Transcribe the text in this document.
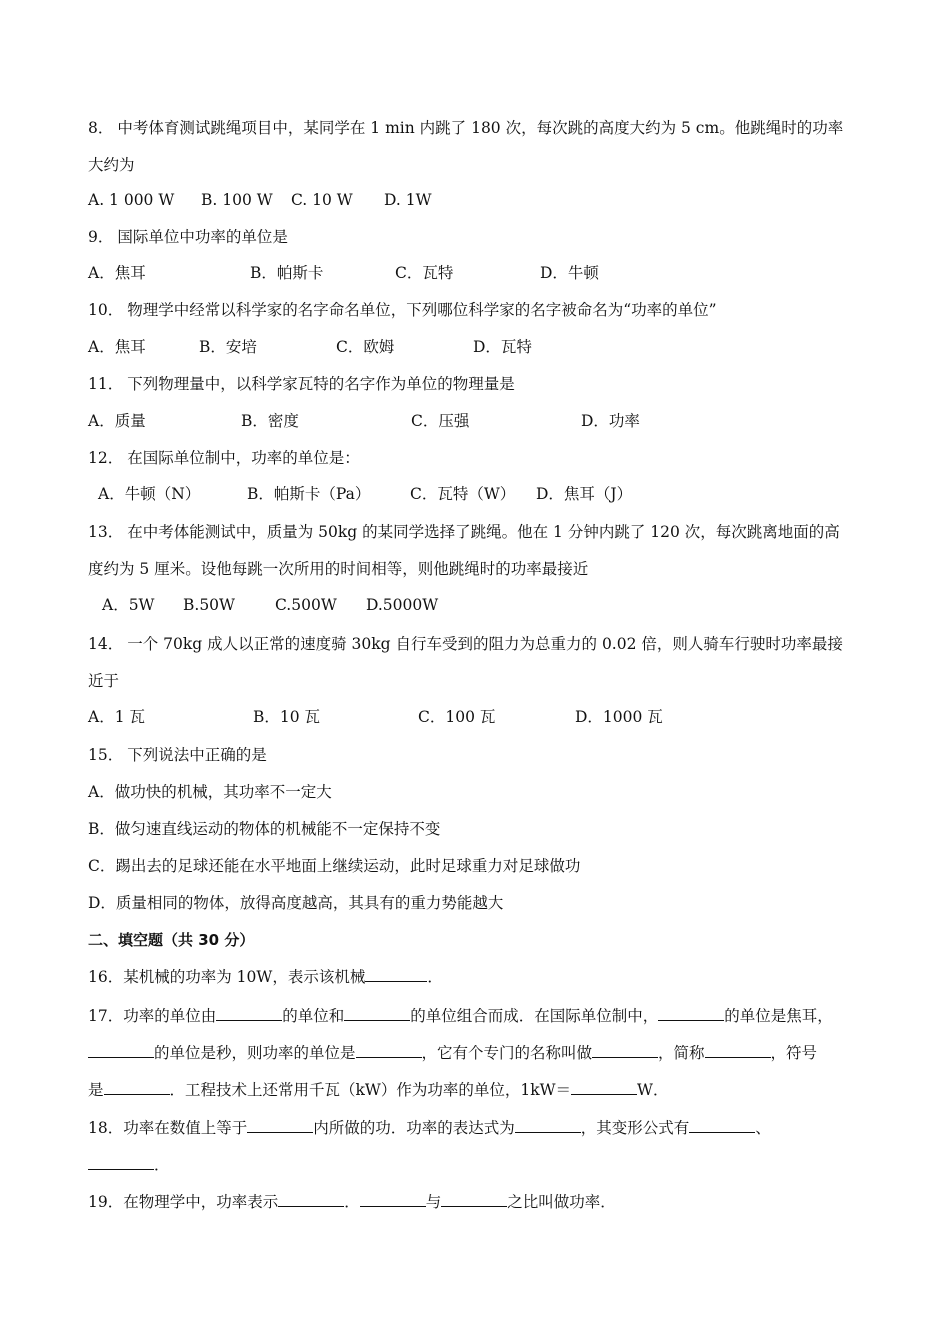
8． 中考体育测试跳绳项目中，某同学在 1 min 内跳了 180 次，每次跳的高度大约为 5 cm。他跳绳时的功率
大约为
A. 1 000 W B. 100 W C. 10 W D. 1W
9． 国际单位中功率的单位是
A．焦耳	B．帕斯卡	C．瓦特	D．牛顿
10． 物理学中经常以科学家的名字命名单位，下列哪位科学家的名字被命名为“功率的单位”
A．焦耳	B．安培	C．欧姆	D．瓦特
11． 下列物理量中，以科学家瓦特的名字作为单位的物理量是
A．质量	B．密度	C．压强	D．功率
12． 在国际单位制中，功率的单位是：
A．牛顿（N）	B．帕斯卡（Pa）	C．瓦特（W） D．焦耳（J）
13． 在中考体能测试中，质量为 50kg 的某同学选择了跳绳。他在 1 分钟内跳了 120 次，每次跳离地面的高
度约为 5 厘米。设他每跳一次所用的时间相等，则他跳绳时的功率最接近
A．5W B.50W	C.500W D.5000W
14． 一个 70kg 成人以正常的速度骑 30kg 自行车受到的阻力为总重力的 0.02 倍，则人骑车行驶时功率最接
近于
A．1 瓦	B．10 瓦	C．100 瓦	D．1000 瓦
15． 下列说法中正确的是
A．做功快的机械，其功率不一定大
B．做匀速直线运动的物体的机械能不一定保持不变
C．踢出去的足球还能在水平地面上继续运动，此时足球重力对足球做功
D．质量相同的物体，放得高度越高，其具有的重力势能越大
二、填空题（共 30 分）
16．某机械的功率为 10W，表示该机械	．
17．功率的单位由	的单位和	的单位组合而成．在国际单位制中，	的单位是焦耳，
的单位是秒，则功率的单位是	，它有个专门的名称叫做	，简称	，符号
是	．工程技术上还常用千瓦（kW）作为功率的单位，1kW＝	W．
18．功率在数值上等于	内所做的功．功率的表达式为	，其变形公式有	、
．
19．在物理学中，功率表示	．	与	之比叫做功率．
